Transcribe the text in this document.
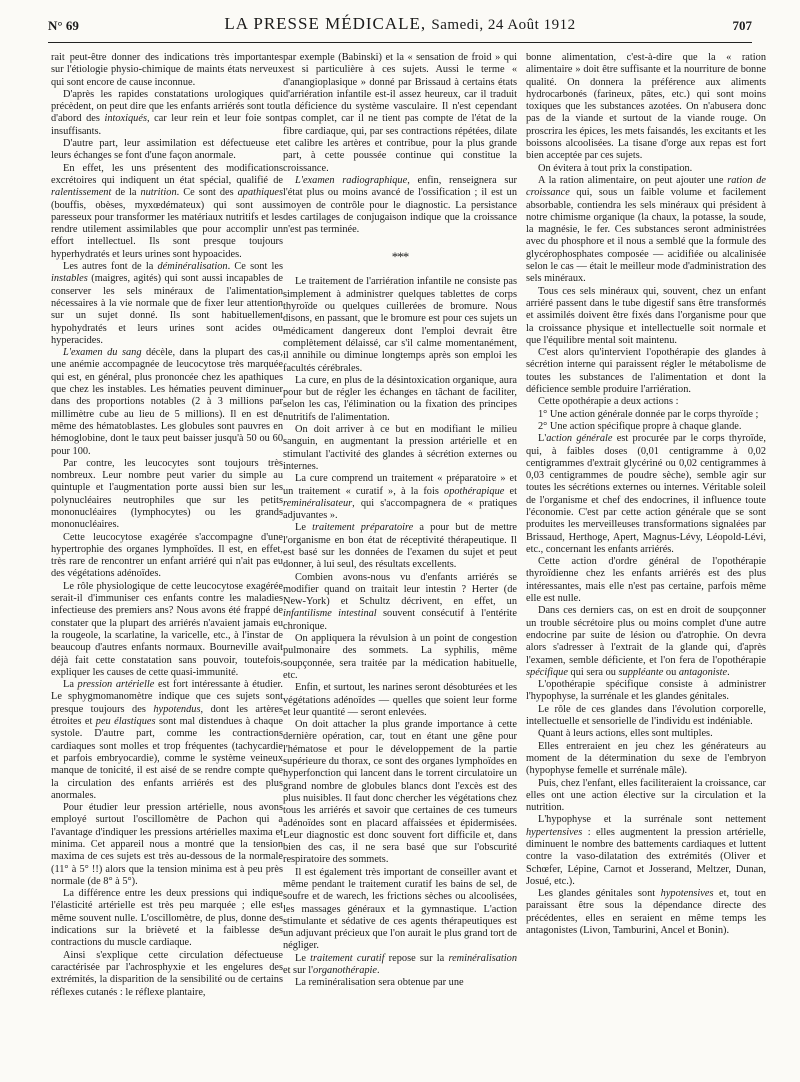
N° 69	LA PRESSE MÉDICALE, Samedi, 24 Août 1912	707

rait peut-être donner des indications très importantes sur l'étiologie physio-chimique de maints états nerveux qui sont encore de cause inconnue.

D'après les rapides constatations urologiques qui précèdent, on peut dire que les enfants arriérés sont tout d'abord des intoxiqués, car leur rein et leur foie sont insuffisants.

D'autre part, leur assimilation est défectueuse et leurs échanges se font d'une façon anormale.

En effet, les uns présentent des modifications excrétoires qui indiquent un état spécial, qualifié de ralentissement de la nutrition. Ce sont des apathiques (bouffis, obèses, myxœdémateux) qui sont aussi paresseux pour transformer les matériaux nutritifs et les rendre utilement assimilables que pour accomplir un effort intellectuel. Ils sont presque toujours hyperhydratés et leurs urines sont hypoacides.

Les autres font de la déminéralisation. Ce sont les instables (maigres, agités) qui sont aussi incapables de conserver les sels minéraux de l'alimentation nécessaires à la vie normale que de fixer leur attention sur un sujet donné. Ils sont habituellement hypohydratés et leurs urines sont acides ou hyperacides.

L'examen du sang décèle, dans la plupart des cas, une anémie accompagnée de leucocytose très marquée qui est, en général, plus prononcée chez les apathiques que chez les instables. Les hématies peuvent diminuer dans des proportions notables (2 à 3 millions par millimètre cube au lieu de 5 millions). Il en est de même des hématoblastes. Les globules sont pauvres en hémoglobine, dont le taux peut baisser jusqu'à 50 ou 60 pour 100.

Par contre, les leucocytes sont toujours très nombreux. Leur nombre peut varier du simple au quintuple et l'augmentation porte aussi bien sur les polynucléaires neutrophiles que sur les petits mononucléaires (lymphocytes) ou les grands mononucléaires.

Cette leucocytose exagérée s'accompagne d'une hypertrophie des organes lymphoïdes. Il est, en effet, très rare de rencontrer un enfant arriéré qui n'ait pas eu des végétations adénoïdes.

Le rôle physiologique de cette leucocytose exagérée serait-il d'immuniser ces enfants contre les maladies infectieuse des premiers ans? Nous avons été frappé de constater que la plupart des arriérés n'avaient jamais eu la rougeole, la scarlatine, la varicelle, etc., à l'instar de beaucoup d'autres enfants normaux. Bourneville avait déjà fait cette constatation sans pouvoir, toutefois, expliquer les causes de cette quasi-immunité.

La pression artérielle est fort intéressante à étudier. Le sphygmomanomètre indique que ces sujets sont presque toujours des hypotendus, dont les artères étroites et peu élastiques sont mal distendues à chaque systole. D'autre part, comme les contractions cardiaques sont molles et trop fréquentes (tachycardie et parfois embryocardie), comme le système veineux manque de tonicité, il est aisé de se rendre compte que la circulation des enfants arriérés est des plus anormales.

Pour étudier leur pression artérielle, nous avons employé surtout l'oscillomètre de Pachon qui a l'avantage d'indiquer les pressions artérielles maxima et minima. Cet appareil nous a montré que la tension maxima de ces sujets est très au-dessous de la normale (11° à 5° !!) alors que la tension minima est à peu près normale (de 8° à 5°).

La différence entre les deux pressions qui indique l'élasticité artérielle est très peu marquée ; elle est même souvent nulle. L'oscillomètre, de plus, donne des indications sur la brièveté et la faiblesse des contractions du muscle cardiaque.

Ainsi s'explique cette circulation défectueuse caractérisée par l'achrosphyxie et les engelures des extrémités, la disparition de la sensibilité ou de certains réflexes cutanés : le réflexe plantaire,

par exemple (Babinski) et la « sensation de froid » qui est si particulière à ces sujets. Aussi le terme « d'anangioplasique » donné par Brissaud à certains états d'arriération infantile est-il assez heureux, car il traduit la déficience du système vasculaire. Il n'est cependant pas complet, car il ne tient pas compte de l'état de la fibre cardiaque, qui, par ses contractions répétées, dilate et calibre les artères et contribue, pour la plus grande part, à cette poussée continue qui constitue la croissance.

L'examen radiographique, enfin, renseignera sur l'état plus ou moins avancé de l'ossification ; il est un moyen de contrôle pour le diagnostic. La persistance des cartilages de conjugaison indique que la croissance n'est pas terminée.

***

Le traitement de l'arriération infantile ne consiste pas simplement à administrer quelques tablettes de corps thyroïde ou quelques cuillerées de bromure. Nous disons, en passant, que le bromure est pour ces sujets un médicament dangereux dont l'emploi devrait être complètement délaissé, car s'il calme momentanément, il annihile ou diminue longtemps après son emploi les facultés cérébrales.

La cure, en plus de la désintoxication organique, aura pour but de régler les échanges en tâchant de faciliter, selon les cas, l'élimination ou la fixation des principes nutritifs de l'alimentation.

On doit arriver à ce but en modifiant le milieu sanguin, en augmentant la pression artérielle et en stimulant l'activité des glandes à sécrétion externes ou internes.

La cure comprend un traitement « préparatoire » et un traitement « curatif », à la fois opothérapique et reminéralisateur, qui s'accompagnera de « pratiques adjuvantes ».

Le traitement préparatoire a pour but de mettre l'organisme en bon état de réceptivité thérapeutique. Il est basé sur les données de l'examen du sujet et peut donner, à lui seul, des résultats excellents.

Combien avons-nous vu d'enfants arriérés se modifier quand on traitait leur intestin ? Herter (de New-York) et Schultz décrivent, en effet, un infantilisme intestinal souvent consécutif à l'entérite chronique.

On appliquera la révulsion à un point de congestion pulmonaire des sommets. La syphilis, même soupçonnée, sera traitée par la médication habituelle, etc.

Enfin, et surtout, les narines seront désobturées et les végétations adénoïdes — quelles que soient leur forme et leur quantité — seront enlevées.

On doit attacher la plus grande importance à cette dernière opération, car, tout en étant une gêne pour l'hématose et pour le développement de la partie supérieure du thorax, ce sont des organes lymphoïdes en hyperfonction qui lancent dans le torrent circulatoire un grand nombre de globules blancs dont l'excès est des plus nuisibles. Il faut donc chercher les végétations chez tous les arriérés et savoir que certaines de ces tumeurs adénoïdes sont en placard affaissées et épidermisées. Leur diagnostic est donc souvent fort difficile et, dans bien des cas, il ne sera basé que sur l'obscurité respiratoire des sommets.

Il est également très important de conseiller avant et même pendant le traitement curatif les bains de sel, de soufre et de warech, les frictions sèches ou alcoolisées, les massages généraux et la gymnastique. L'action stimulante et sédative de ces agents thérapeutiques est un adjuvant précieux que l'on aurait le plus grand tort de négliger.

Le traitement curatif repose sur la reminéralisation et sur l'organothérapie.

La reminéralisation sera obtenue par une

bonne alimentation, c'est-à-dire que la « ration alimentaire » doit être suffisante et la nourriture de bonne qualité. On donnera la préférence aux aliments hydrocarbonés (farineux, pâtes, etc.) qui sont moins toxiques que les substances azotées. On n'abusera donc pas de la viande et surtout de la viande rouge. On proscrira les épices, les mets faisandés, les excitants et les boissons alcoolisées. La tisane d'orge aux repas est fort bien acceptée par ces sujets.

On évitera à tout prix la constipation.

A la ration alimentaire, on peut ajouter une ration de croissance qui, sous un faible volume et facilement absorbable, contiendra les sels minéraux qui président à notre chimisme organique (la chaux, la potasse, la soude, la magnésie, le fer. Ces substances seront administrées avec du phosphore et il nous a semblé que la formule des glycérophosphates composée — acidifiée ou alcalinisée selon le cas — était le meilleur mode d'administration des sels minéraux.

Tous ces sels minéraux qui, souvent, chez un enfant arriéré passent dans le tube digestif sans être transformés et assimilés doivent être fixés dans l'organisme pour que la croissance physique et intellectuelle soit normale et que l'équilibre mental soit maintenu.

C'est alors qu'intervient l'opothérapie des glandes à sécrétion interne qui paraissent régler le métabolisme de toutes les substances de l'alimentation et dont la déficience semble produire l'arriération.

Cette opothérapie a deux actions :

1° Une action générale donnée par le corps thyroïde ;

2° Une action spécifique propre à chaque glande.

L'action générale est procurée par le corps thyroïde, qui, à faibles doses (0,01 centigramme à 0,02 centigrammes d'extrait glycériné ou 0,02 centigrammes à 0,03 centigrammes de poudre sèche), semble agir sur toutes les sécrétions externes ou internes. Véritable soleil de l'organisme et chef des endocrines, il influence toute l'économie. C'est par cette action générale que se sont produites les merveilleuses transformations signalées par Brissaud, Herthoge, Apert, Magnus-Lévy, Léopold-Lévi, etc., concernant les enfants arriérés.

Cette action d'ordre général de l'opothérapie thyroïdienne chez les enfants arriérés est des plus intéressantes, mais elle n'est pas certaine, parfois même elle est nulle.

Dans ces derniers cas, on est en droit de soupçonner un trouble sécrétoire plus ou moins complet d'une autre endocrine par suite de lésion ou d'atrophie. On devra alors s'adresser à l'extrait de la glande qui, d'après l'examen, semble déficiente, et l'on fera de l'opothérapie spécifique qui sera ou suppléante ou antagoniste.

L'opothérapie spécifique consiste à administrer l'hypophyse, la surrénale et les glandes génitales.

Le rôle de ces glandes dans l'évolution corporelle, intellectuelle et sensorielle de l'individu est indéniable.

Quant à leurs actions, elles sont multiples.

Elles entreraient en jeu chez les générateurs au moment de la détermination du sexe de l'embryon (hypophyse femelle et surrénale mâle).

Puis, chez l'enfant, elles faciliteraient la croissance, car elles ont une action élective sur la circulation et la nutrition.

L'hypophyse et la surrénale sont nettement hypertensives : elles augmentent la pression artérielle, diminuent le nombre des battements cardiaques et luttent contre la vaso-dilatation des extrémités (Oliver et Schœfer, Lépine, Carnot et Josserand, Meltzer, Dunan, Josué, etc.).

Les glandes génitales sont hypotensives et, tout en paraissant être sous la dépendance directe des précédentes, elles en seraient en même temps les antagonistes (Livon, Tamburini, Ancel et Bonin).
